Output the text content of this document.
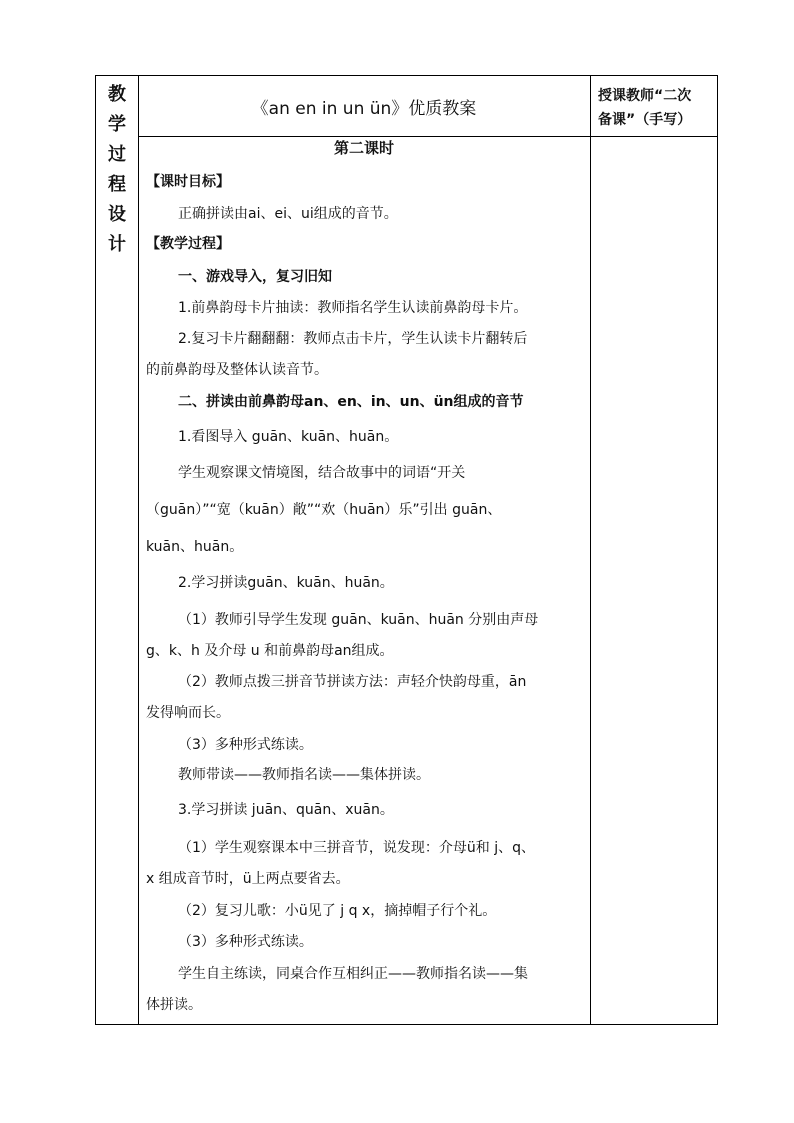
教
学
过
程
设
计
《an en in un ün》优质教案
授课教师“二次
备课”（手写）
第二课时
【课时目标】
正确拼读由ai、ei、ui组成的音节。
【教学过程】
一、游戏导入，复习旧知
1.前鼻韵母卡片抽读：教师指名学生认读前鼻韵母卡片。
2.复习卡片翻翻翻：教师点击卡片，学生认读卡片翻转后
的前鼻韵母及整体认读音节。
二、拼读由前鼻韵母an、en、in、un、ün组成的音节
1.看图导入 guān、kuān、huān。
学生观察课文情境图，结合故事中的词语“开关
（guān）”“宽（kuān）敞”“欢（huān）乐”引出 guān、
kuān、huān。
2.学习拼读guān、kuān、huān。
（1）教师引导学生发现 guān、kuān、huān 分别由声母
g、k、h 及介母 u 和前鼻韵母an组成。
（2）教师点拨三拼音节拼读方法：声轻介快韵母重，ān
发得响而长。
（3）多种形式练读。
教师带读——教师指名读——集体拼读。
3.学习拼读 juān、quān、xuān。
（1）学生观察课本中三拼音节，说发现：介母ü和 j、q、
x 组成音节时，ü上两点要省去。
（2）复习儿歌：小ü见了 j q x，摘掉帽子行个礼。
（3）多种形式练读。
学生自主练读，同桌合作互相纠正——教师指名读——集
体拼读。
